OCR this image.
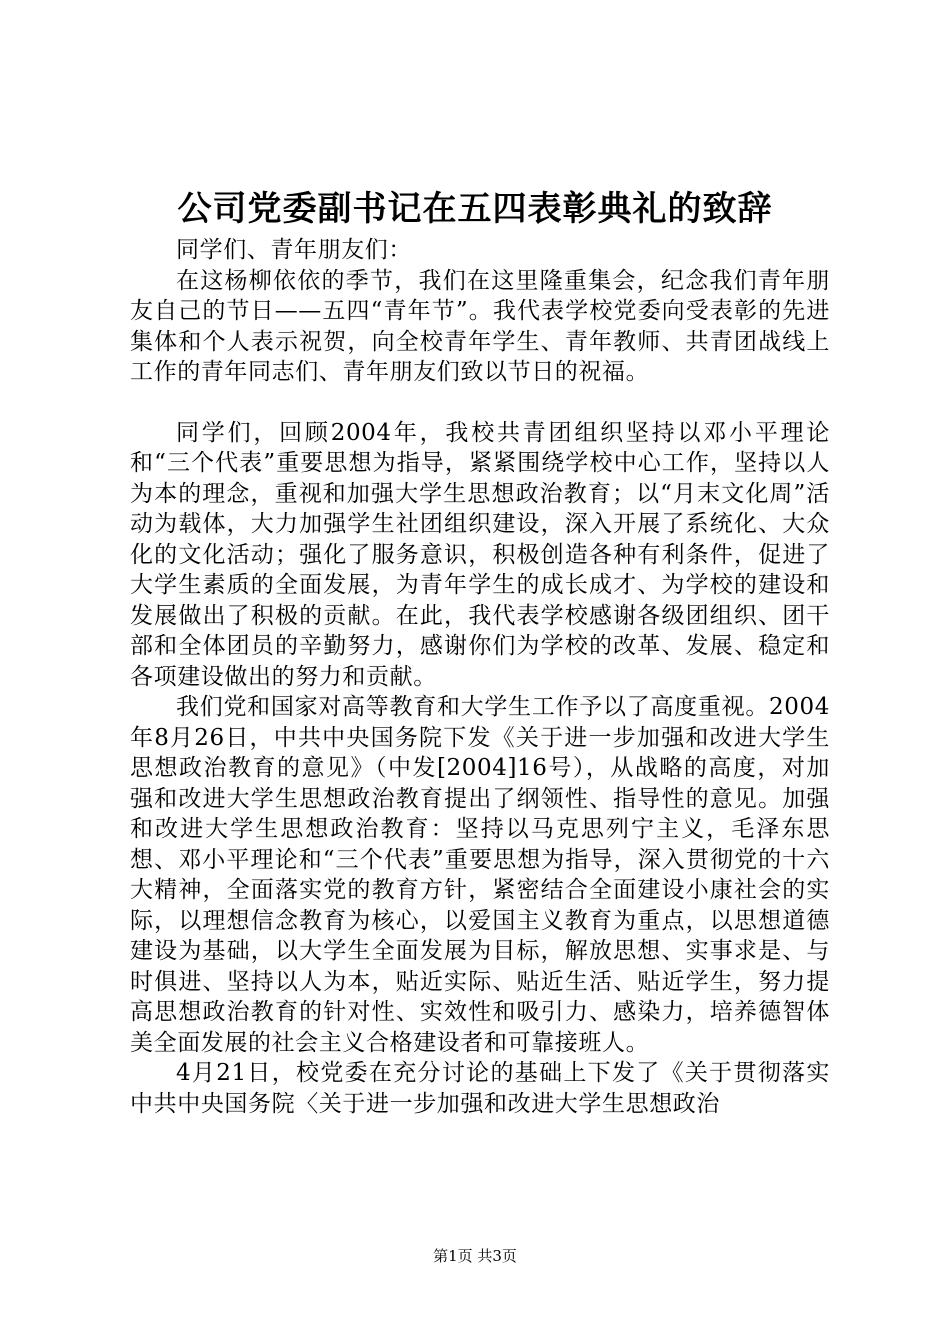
公司党委副书记在五四表彰典礼的致辞

同学们、青年朋友们：

在这杨柳依依的季节，我们在这里隆重集会，纪念我们青年朋友自己的节日——五四“青年节”。我代表学校党委向受表彰的先进集体和个人表示祝贺，向全校青年学生、青年教师、共青团战线上工作的青年同志们、青年朋友们致以节日的祝福。

同学们，回顾2004年，我校共青团组织坚持以邓小平理论和“三个代表”重要思想为指导，紧紧围绕学校中心工作，坚持以人为本的理念，重视和加强大学生思想政治教育；以“月末文化周”活动为载体，大力加强学生社团组织建设，深入开展了系统化、大众化的文化活动；强化了服务意识，积极创造各种有利条件，促进了大学生素质的全面发展，为青年学生的成长成才、为学校的建设和发展做出了积极的贡献。在此，我代表学校感谢各级团组织、团干部和全体团员的辛勤努力，感谢你们为学校的改革、发展、稳定和各项建设做出的努力和贡献。

我们党和国家对高等教育和大学生工作予以了高度重视。2004年8月26日，中共中央国务院下发《关于进一步加强和改进大学生思想政治教育的意见》（中发[2004]16号），从战略的高度，对加强和改进大学生思想政治教育提出了纲领性、指导性的意见。加强和改进大学生思想政治教育：坚持以马克思列宁主义，毛泽东思想、邓小平理论和“三个代表”重要思想为指导，深入贯彻党的十六大精神，全面落实党的教育方针，紧密结合全面建设小康社会的实际，以理想信念教育为核心，以爱国主义教育为重点，以思想道德建设为基础，以大学生全面发展为目标，解放思想、实事求是、与时俱进、坚持以人为本，贴近实际、贴近生活、贴近学生，努力提高思想政治教育的针对性、实效性和吸引力、感染力，培养德智体美全面发展的社会主义合格建设者和可靠接班人。

4月21日，校党委在充分讨论的基础上下发了《关于贯彻落实中共中央国务院〈关于进一步加强和改进大学生思想政治

第1页 共3页
